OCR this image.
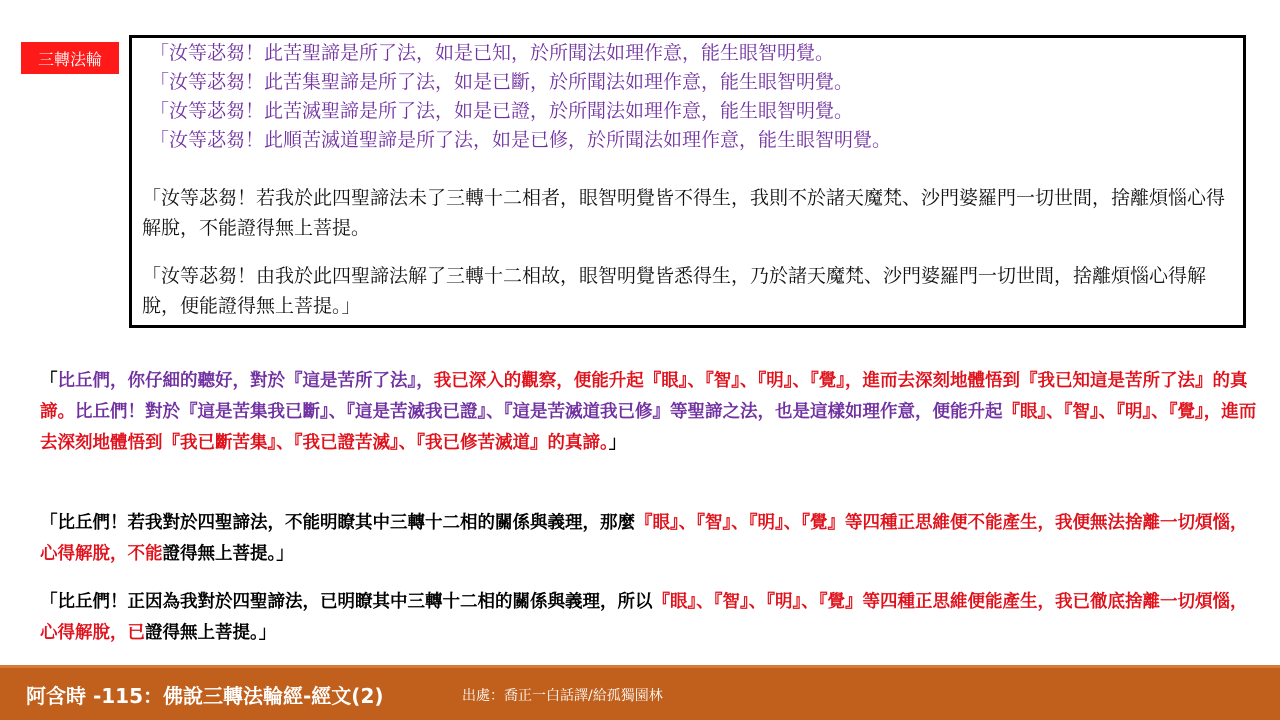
三轉法輪	「汝等苾芻！此苦聖諦是所了法，如是已知，於所聞法如理作意，能生眼智明覺。
「汝等苾芻！此苦集聖諦是所了法，如是已斷，於所聞法如理作意，能生眼智明覺。
「汝等苾芻！此苦滅聖諦是所了法，如是已證，於所聞法如理作意，能生眼智明覺。
「汝等苾芻！此順苦滅道聖諦是所了法，如是已修，於所聞法如理作意，能生眼智明覺。
「汝等苾芻！若我於此四聖諦法未了三轉十二相者，眼智明覺皆不得生，我則不於諸天魔梵、沙門婆羅門一切世間，捨離煩惱心得解脫，不能證得無上菩提。
「汝等苾芻！由我於此四聖諦法解了三轉十二相故，眼智明覺皆悉得生，乃於諸天魔梵、沙門婆羅門一切世間，捨離煩惱心得解脫，便能證得無上菩提。」
「比丘們，你仔細的聽好，對於『這是苦所了法』，我已深入的觀察，便能升起『眼』、『智』、『明』、『覺』，進而去深刻地體悟到『我已知這是苦所了法』的真諦。比丘們！對於『這是苦集我已斷』、『這是苦滅我已證』、『這是苦滅道我已修』等聖諦之法，也是這樣如理作意，便能升起『眼』、『智』、『明』、『覺』，進而去深刻地體悟到『我已斷苦集』、『我已證苦滅』、『我已修苦滅道』的真諦。」
「比丘們！若我對於四聖諦法，不能明瞭其中三轉十二相的關係與義理，那麼『眼』、『智』、『明』、『覺』等四種正思維便不能產生，我便無法捨離一切煩惱，心得解脫，不能證得無上菩提。」
「比丘們！正因為我對於四聖諦法，已明瞭其中三轉十二相的關係與義理，所以『眼』、『智』、『明』、『覺』等四種正思維便能產生，我已徹底捨離一切煩惱，心得解脫，已證得無上菩提。」
阿含時 -115：佛說三轉法輪經-經文(2)	出處：喬正一白話譯/給孤獨園林
